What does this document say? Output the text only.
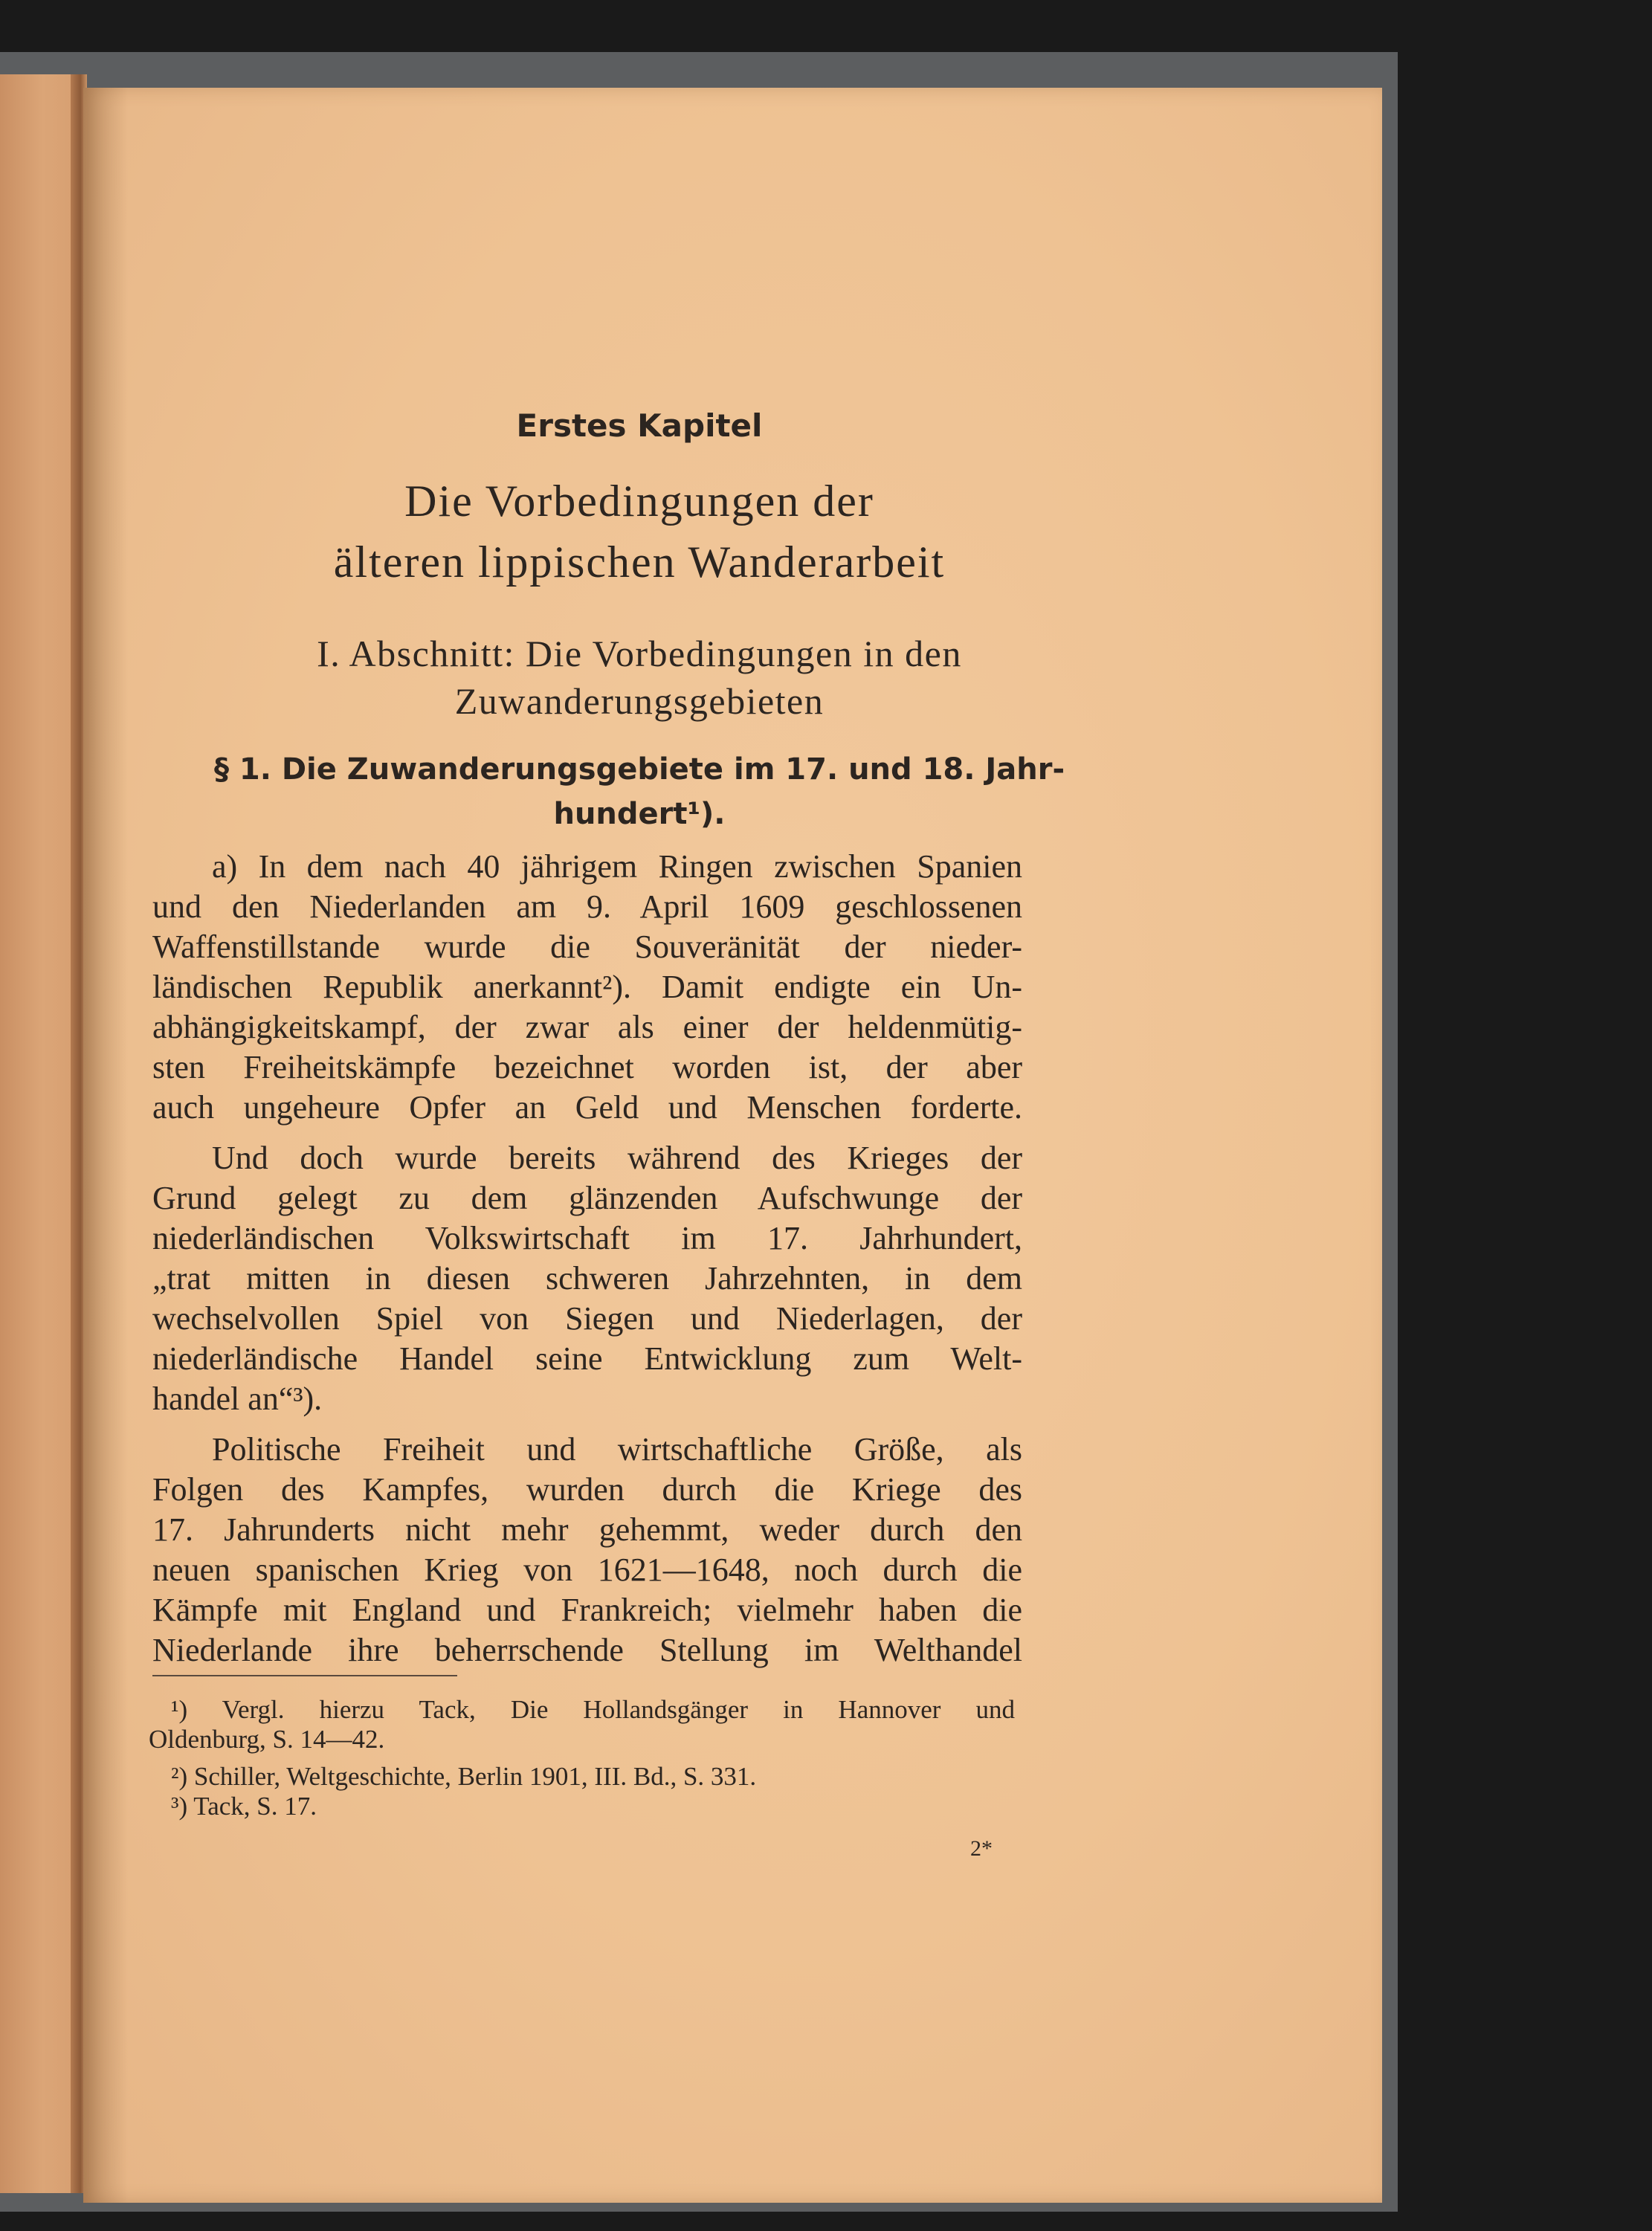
Erstes Kapitel
Die Vorbedingungen der
älteren lippischen Wanderarbeit
I. Abschnitt: Die Vorbedingungen in den
Zuwanderungsgebieten
§ 1. Die Zuwanderungsgebiete im 17. und 18. Jahr-
hundert¹).
a) In dem nach 40 jährigem Ringen zwischen Spanien
und den Niederlanden am 9. April 1609 geschlossenen
Waffenstillstande wurde die Souveränität der nieder-
ländischen Republik anerkannt²). Damit endigte ein Un-
abhängigkeitskampf, der zwar als einer der heldenmütig-
sten Freiheitskämpfe bezeichnet worden ist, der aber
auch ungeheure Opfer an Geld und Menschen forderte.
Und doch wurde bereits während des Krieges der
Grund gelegt zu dem glänzenden Aufschwunge der
niederländischen Volkswirtschaft im 17. Jahrhundert,
„trat mitten in diesen schweren Jahrzehnten, in dem
wechselvollen Spiel von Siegen und Niederlagen, der
niederländische Handel seine Entwicklung zum Welt-
handel an“³).
Politische Freiheit und wirtschaftliche Größe, als
Folgen des Kampfes, wurden durch die Kriege des
17. Jahrunderts nicht mehr gehemmt, weder durch den
neuen spanischen Krieg von 1621—1648, noch durch die
Kämpfe mit England und Frankreich; vielmehr haben die
Niederlande ihre beherrschende Stellung im Welthandel
¹) Vergl. hierzu Tack, Die Hollandsgänger in Hannover und
Oldenburg, S. 14—42.
²) Schiller, Weltgeschichte, Berlin 1901, III. Bd., S. 331.
³) Tack, S. 17.
2*
